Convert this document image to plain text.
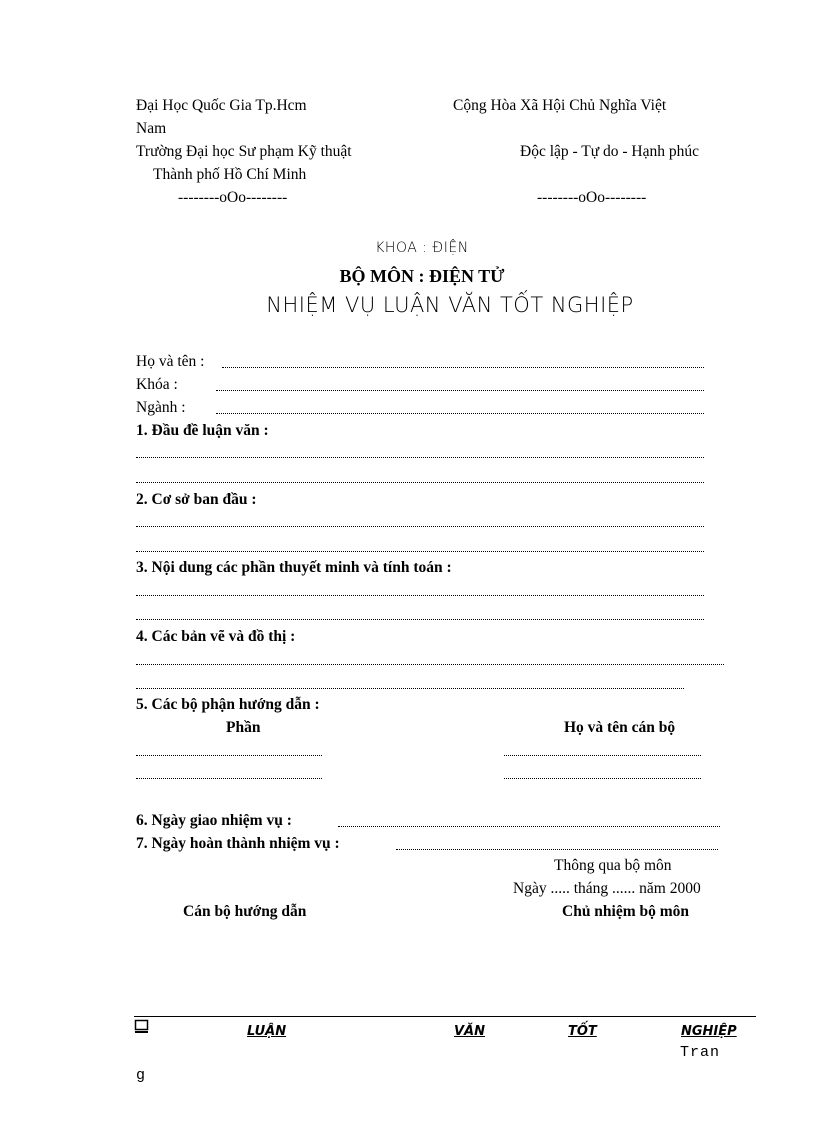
Đại Học Quốc Gia Tp.Hcm	Cộng Hòa Xã Hội Chủ Nghĩa Việt
Nam
Trường Đại học Sư phạm Kỹ thuật	Độc lập - Tự do - Hạnh phúc
Thành phố Hồ Chí Minh
--------oOo--------	--------oOo--------
KHOA : ĐIỆN
BỘ MÔN : ĐIỆN TỬ
NHIỆM VỤ LUẬN VĂN TỐT NGHIỆP
Họ và tên :
Khóa :
Ngành :
1. Đầu đề luận văn :
2. Cơ sở ban đầu :
3. Nội dung các phần thuyết minh và tính toán :
4. Các bản vẽ và đồ thị :
5. Các bộ phận hướng dẫn :
Phần	Họ và tên cán bộ
6. Ngày giao nhiệm vụ :
7. Ngày hoàn thành nhiệm vụ :
Thông qua bộ môn
Ngày ..... tháng ...... năm 2000
Cán bộ hướng dẫn	Chủ nhiệm bộ môn
LUẬN	VĂN	TỐT	NGHIỆP
Tran
g
